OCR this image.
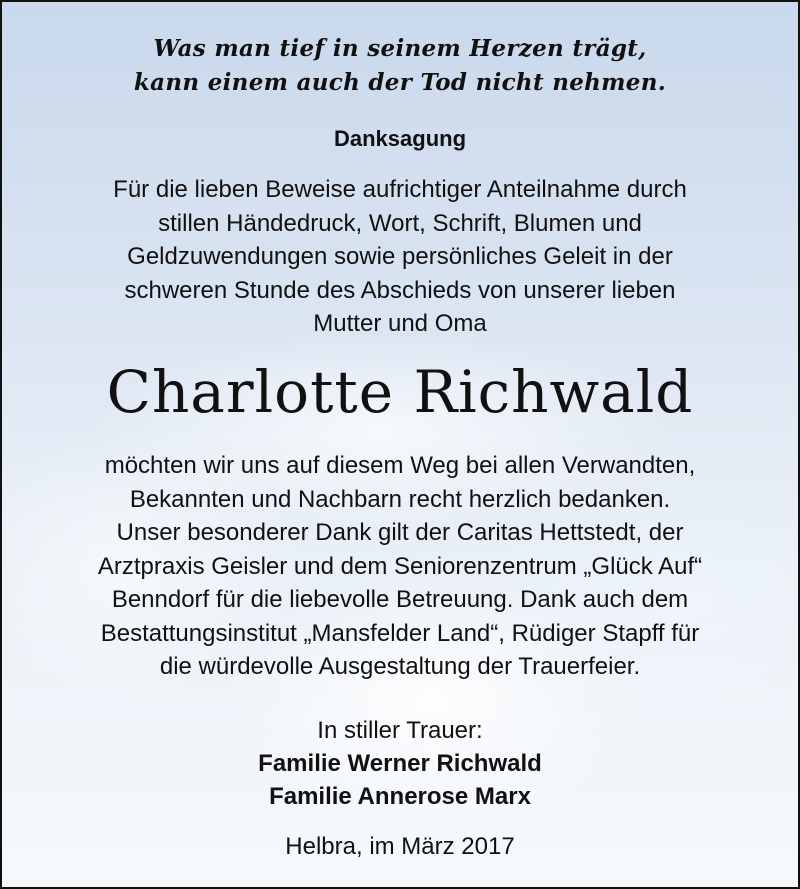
Was man tief in seinem Herzen trägt,
kann einem auch der Tod nicht nehmen.
Danksagung
Für die lieben Beweise aufrichtiger Anteilnahme durch
stillen Händedruck, Wort, Schrift, Blumen und
Geldzuwendungen sowie persönliches Geleit in der
schweren Stunde des Abschieds von unserer lieben
Mutter und Oma
Charlotte Richwald
möchten wir uns auf diesem Weg bei allen Verwandten,
Bekannten und Nachbarn recht herzlich bedanken.
Unser besonderer Dank gilt der Caritas Hettstedt, der
Arztpraxis Geisler und dem Seniorenzentrum „Glück Auf“
Benndorf für die liebevolle Betreuung. Dank auch dem
Bestattungsinstitut „Mansfelder Land“, Rüdiger Stapff für
die würdevolle Ausgestaltung der Trauerfeier.
In stiller Trauer:
Familie Werner Richwald
Familie Annerose Marx
Helbra, im März 2017
